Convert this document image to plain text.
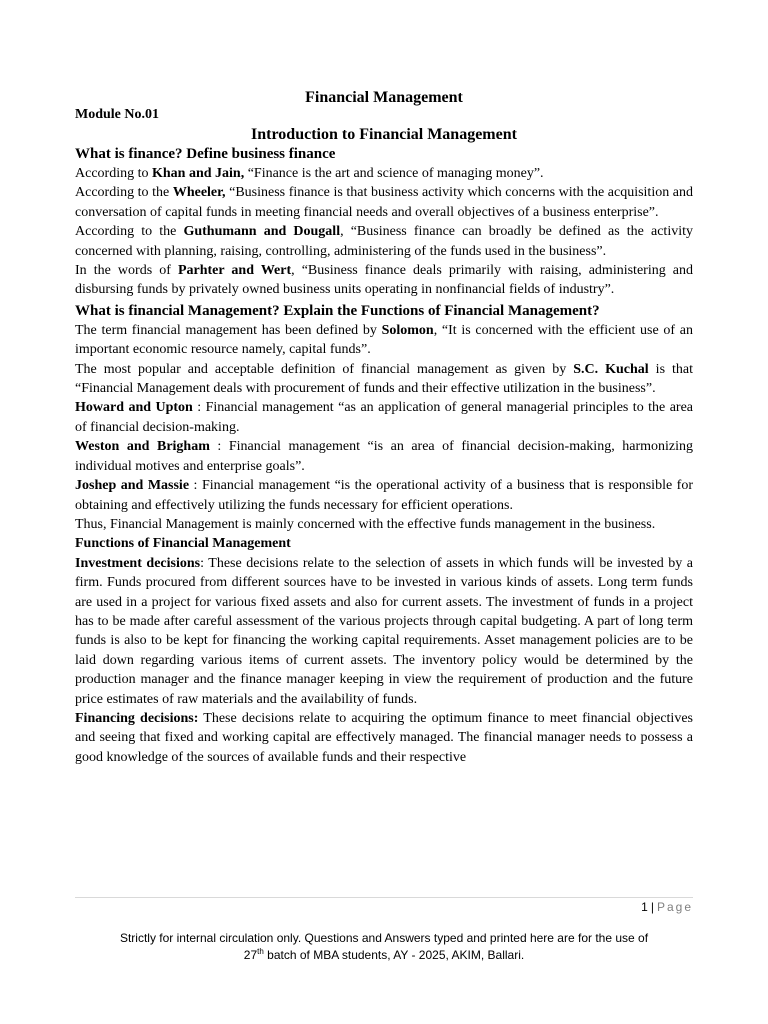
Financial Management

Module No.01

Introduction to Financial Management

What is finance? Define business finance

According to Khan and Jain, “Finance is the art and science of managing money”.

According to the Wheeler, “Business finance is that business activity which concerns with the acquisition and conversation of capital funds in meeting financial needs and overall objectives of a business enterprise”.

According to the Guthumann and Dougall, “Business finance can broadly be defined as the activity concerned with planning, raising, controlling, administering of the funds used in the business”.

In the words of Parhter and Wert, “Business finance deals primarily with raising, administering and disbursing funds by privately owned business units operating in nonfinancial fields of industry”.

What is financial Management? Explain the Functions of Financial Management?

The term financial management has been defined by Solomon, “It is concerned with the efficient use of an important economic resource namely, capital funds”.

The most popular and acceptable definition of financial management as given by S.C. Kuchal is that “Financial Management deals with procurement of funds and their effective utilization in the business”.

Howard and Upton : Financial management “as an application of general managerial principles to the area of financial decision-making.

Weston and Brigham : Financial management “is an area of financial decision-making, harmonizing individual motives and enterprise goals”.

Joshep and Massie : Financial management “is the operational activity of a business that is responsible for obtaining and effectively utilizing the funds necessary for efficient operations.

Thus, Financial Management is mainly concerned with the effective funds management in the business.

Functions of Financial Management

Investment decisions: These decisions relate to the selection of assets in which funds will be invested by a firm. Funds procured from different sources have to be invested in various kinds of assets. Long term funds are used in a project for various fixed assets and also for current assets. The investment of funds in a project has to be made after careful assessment of the various projects through capital budgeting. A part of long term funds is also to be kept for financing the working capital requirements. Asset management policies are to be laid down regarding various items of current assets. The inventory policy would be determined by the production manager and the finance manager keeping in view the requirement of production and the future price estimates of raw materials and the availability of funds.

Financing decisions: These decisions relate to acquiring the optimum finance to meet financial objectives and seeing that fixed and working capital are effectively managed. The financial manager needs to possess a good knowledge of the sources of available funds and their respective

1 | Page
Strictly for internal circulation only. Questions and Answers typed and printed here are for the use of
27th batch of MBA students, AY - 2025, AKIM, Ballari.
